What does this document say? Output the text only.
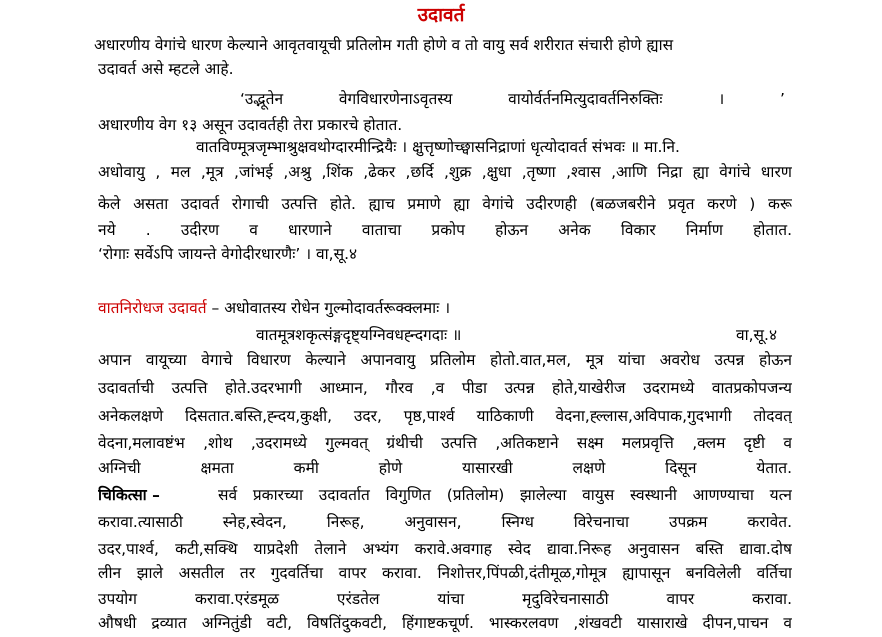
उदावर्त
अधारणीय वेगांचे धारण केल्याने आवृतवायूची प्रतिलोम गती होणे व तो वायु सर्व शरीरात संचारी होणे ह्यास
उदावर्त असे म्हटले आहे.
‘उद्भूतेन वेगविधारणेनाऽवृतस्य वायोर्वर्तनमित्युदावर्तनिरुक्तिः । ’
अधारणीय वेग १३ असून उदावर्तही तेरा प्रकारचे होतात.
वातविण्मूत्रजृम्भाश्रुक्षवथोग्दारमीन्द्रियैः । क्षुत्तृष्णोच्छ्वासनिद्राणां धृत्योदावर्त संभवः ॥ मा.नि.
अधोवायु , मल ,मूत्र ,जांभई ,अश्रु ,शिंक ,ढेकर ,छर्दि ,शुक्र ,क्षुधा ,तृष्णा ,श्वास ,आणि निद्रा ह्या वेगांचे धारण
केले असता उदावर्त रोगाची उत्पत्ति होते. ह्याच प्रमाणे ह्या वेगांचे उदीरणही (बळजबरीने प्रवृत करणे ) करू
नये . उदीरण व धारणाने वाताचा प्रकोप होऊन अनेक विकार निर्माण होतात.
‘रोगाः सर्वेऽपि जायन्ते वेगोदीरधारणैः’ । वा,सू.४
वातनिरोधज उदावर्त – अधोवातस्य रोधेन गुल्मोदावर्तरूक्क्लमाः ।
वातमूत्रशकृत्संङ्गदृष्ट्यग्निवधह्न्दगदाः ॥	वा,सू.४
अपान वायूच्या वेगाचे विधारण केल्याने अपानवायु प्रतिलोम होतो.वात,मल, मूत्र यांचा अवरोध उत्पन्न होऊन
उदावर्ताची उत्पत्ति होते.उदरभागी आध्मान, गौरव ,व पीडा उत्पन्न होते,याखेरीज उदरामध्ये वातप्रकोपजन्य
अनेकलक्षणे दिसतात.बस्ति,ह्न्दय,कुक्षी, उदर, पृष्ठ,पार्श्व याठिकाणी वेदना,ह्ल्लास,अविपाक,गुदभागी तोदवत्
वेदना,मलावष्टंभ ,शोथ ,उदरामध्ये गुल्मवत् ग्रंथीची उत्पत्ति ,अतिकष्टाने सक्ष्म मलप्रवृत्ति ,क्लम दृष्टी व
अग्निची क्षमता कमी होणे यासारखी लक्षणे दिसून येतात.
चिकित्सा –	सर्व प्रकारच्या उदावर्तात विगुणित (प्रतिलोम) झालेल्या वायुस स्वस्थानी आणण्याचा यत्न
करावा.त्यासाठी स्नेह,स्वेदन, निरूह, अनुवासन, स्निग्ध विरेचनाचा उपक्रम करावेत.
उदर,पार्श्व, कटी,सक्थि याप्रदेशी तेलाने अभ्यंग करावे.अवगाह स्वेद द्यावा.निरूह अनुवासन बस्ति द्यावा.दोष
लीन झाले असतील तर गुदवर्तिचा वापर करावा. निशोत्तर,पिंपळी,दंतीमूळ,गोमूत्र ह्यापासून बनविलेली वर्तिचा
उपयोग करावा.एरंडमूळ एरंडतेल यांचा मृदुविरेचनासाठी वापर करावा.
औषधी द्रव्यात अग्नितुंडी वटी, विषतिंदुकवटी, हिंगाष्टकचूर्ण. भास्करलवण ,शंखवटी यासाराखे दीपन,पाचन व
